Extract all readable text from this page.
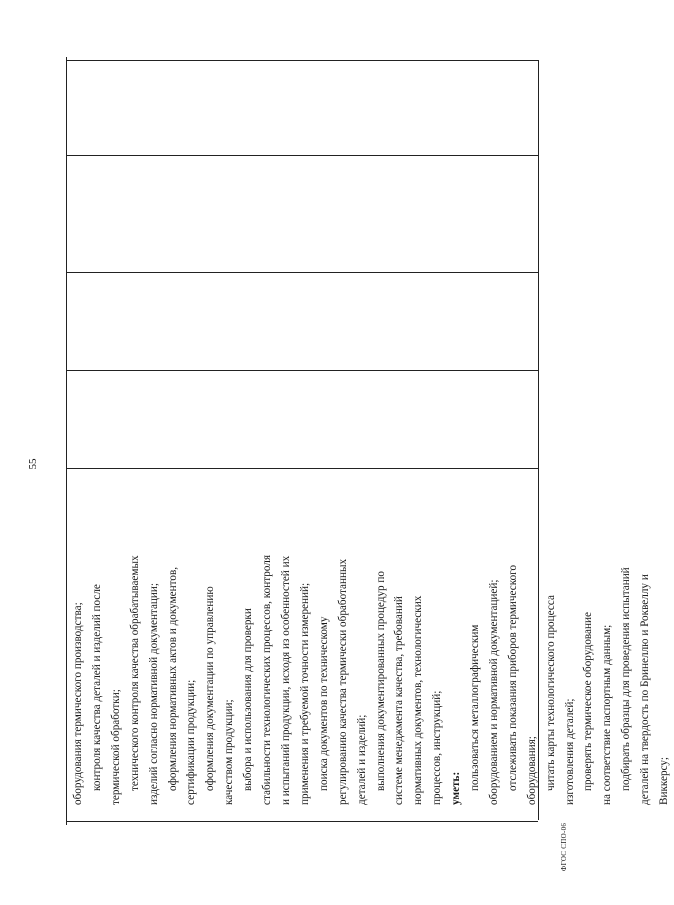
55
оборудования термического производства; контроля качества деталей и изделий после термической обработки; технического контроля качества обрабатываемых изделий согласно нормативной документации; оформления нормативных актов и документов, сертификации продукции; оформления документации по управлению качеством продукции; выбора и использования для проверки стабильности технологических процессов, контроля и испытаний продукции, исходя из особенностей их применения и требуемой точности измерений; поиска документов по техническому регулированию качества термически обработанных деталей и изделий; выполнения документированных процедур по системе менеджмента качества, требований нормативных документов, технологических процессов, инструкций; уметь: пользоваться металлографическим оборудованием и нормативной документацией; отслеживать показания приборов термического оборудования; читать карты технологического процесса изготовления деталей; проверять термическое оборудование на соответствие паспортным данным; подбирать образцы для проведения испытаний деталей на твердость по Бринеллю и Роквеллу и Виккерсу;
ФГОС СПО-06
